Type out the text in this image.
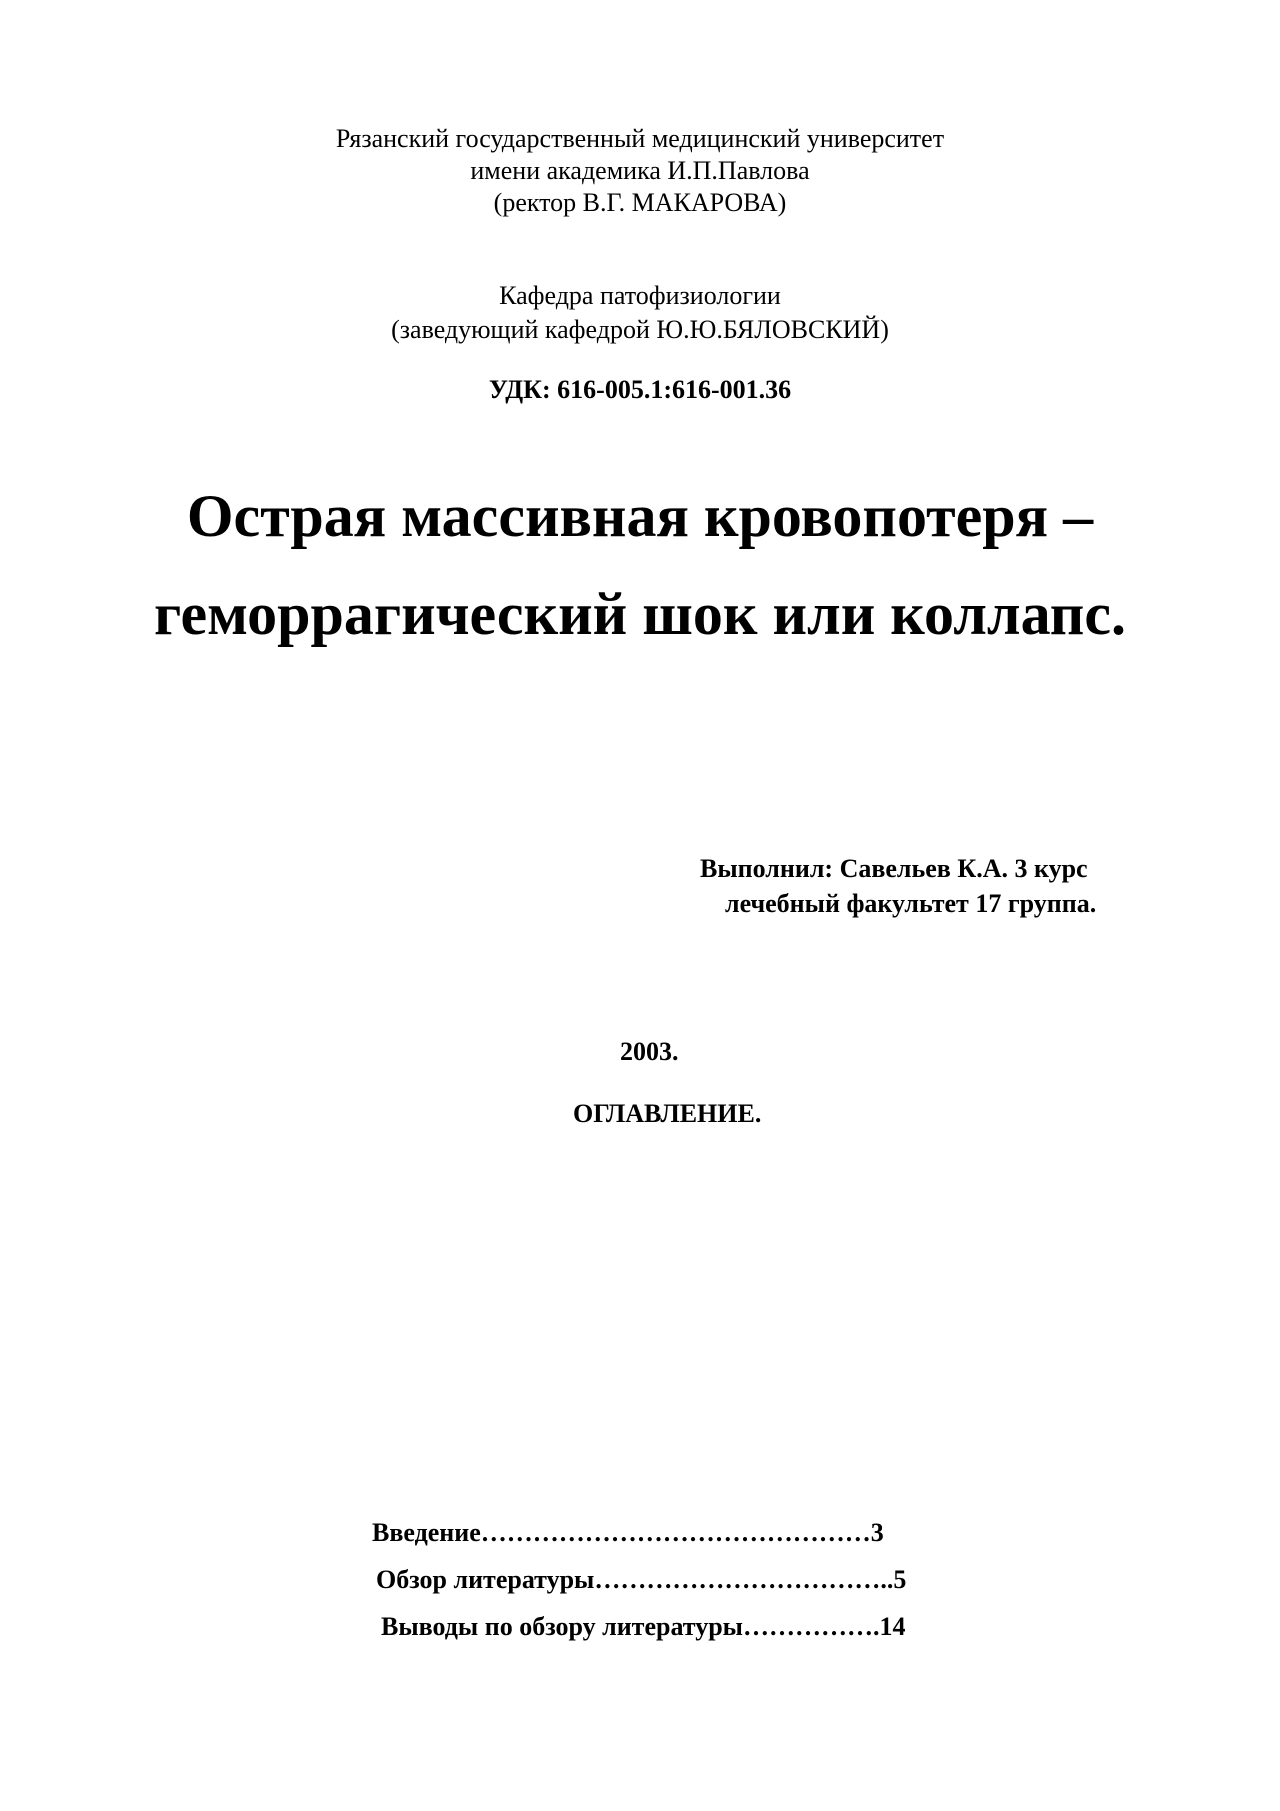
Рязанский государственный медицинский университет
имени академика И.П.Павлова
(ректор В.Г. МАКАРОВА)
Кафедра патофизиологии
(заведующий кафедрой Ю.Ю.БЯЛОВСКИЙ)
УДК: 616-005.1:616-001.36
Острая массивная кровопотеря –
геморрагический шок или коллапс.
Выполнил: Савельев К.А. 3 курс
лечебный факультет 17 группа.
2003.
ОГЛАВЛЕНИЕ.
Введение………………………………………3
Обзор литературы……………………………..5
Выводы по обзору литературы…………….14
